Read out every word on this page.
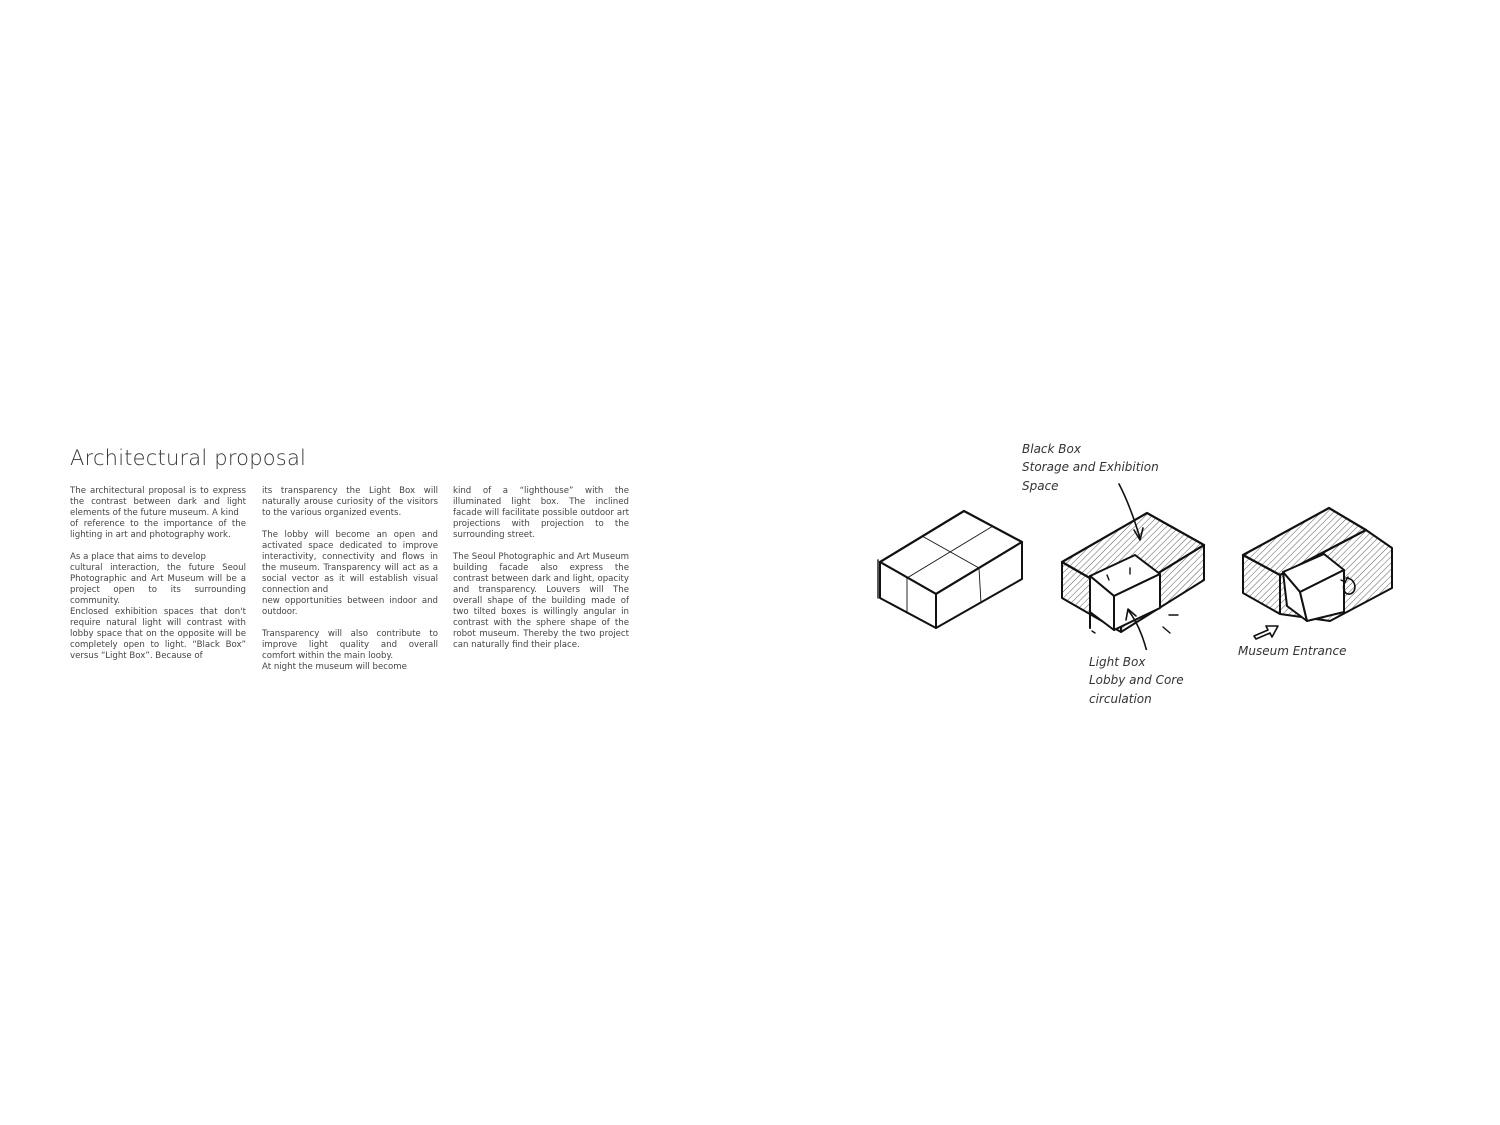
Architectural proposal

The architectural proposal is to express the contrast between dark and light elements of the future museum. A kind
of reference to the importance of the lighting in art and photography work.

As a place that aims to develop
cultural interaction, the future Seoul Photographic and Art Museum will be a project open to its surrounding community.
Enclosed exhibition spaces that don't require natural light will contrast with lobby space that on the opposite will be completely open to light. “Black Box” versus “Light Box”. Because of

its transparency the Light Box will naturally arouse curiosity of the visitors to the various organized events.

The lobby will become an open and activated space dedicated to improve interactivity, connectivity and flows in the museum. Transparency will act as a social vector as it will establish visual connection and
new opportunities between indoor and outdoor.

Transparency will also contribute to improve light quality and overall comfort within the main looby.
At night the museum will become

kind of a “lighthouse” with the illuminated light box. The inclined facade will facilitate possible outdoor art projections with projection to the surrounding street.

The Seoul Photographic and Art Museum building facade also express the contrast between dark and light, opacity and transparency. Louvers will The overall shape of the building made of two tilted boxes is willingly angular in contrast with the sphere shape of the robot museum. Thereby the two project can naturally find their place.

Black Box
Storage and Exhibition
Space
Light Box
Lobby and Core
circulation
Museum Entrance
